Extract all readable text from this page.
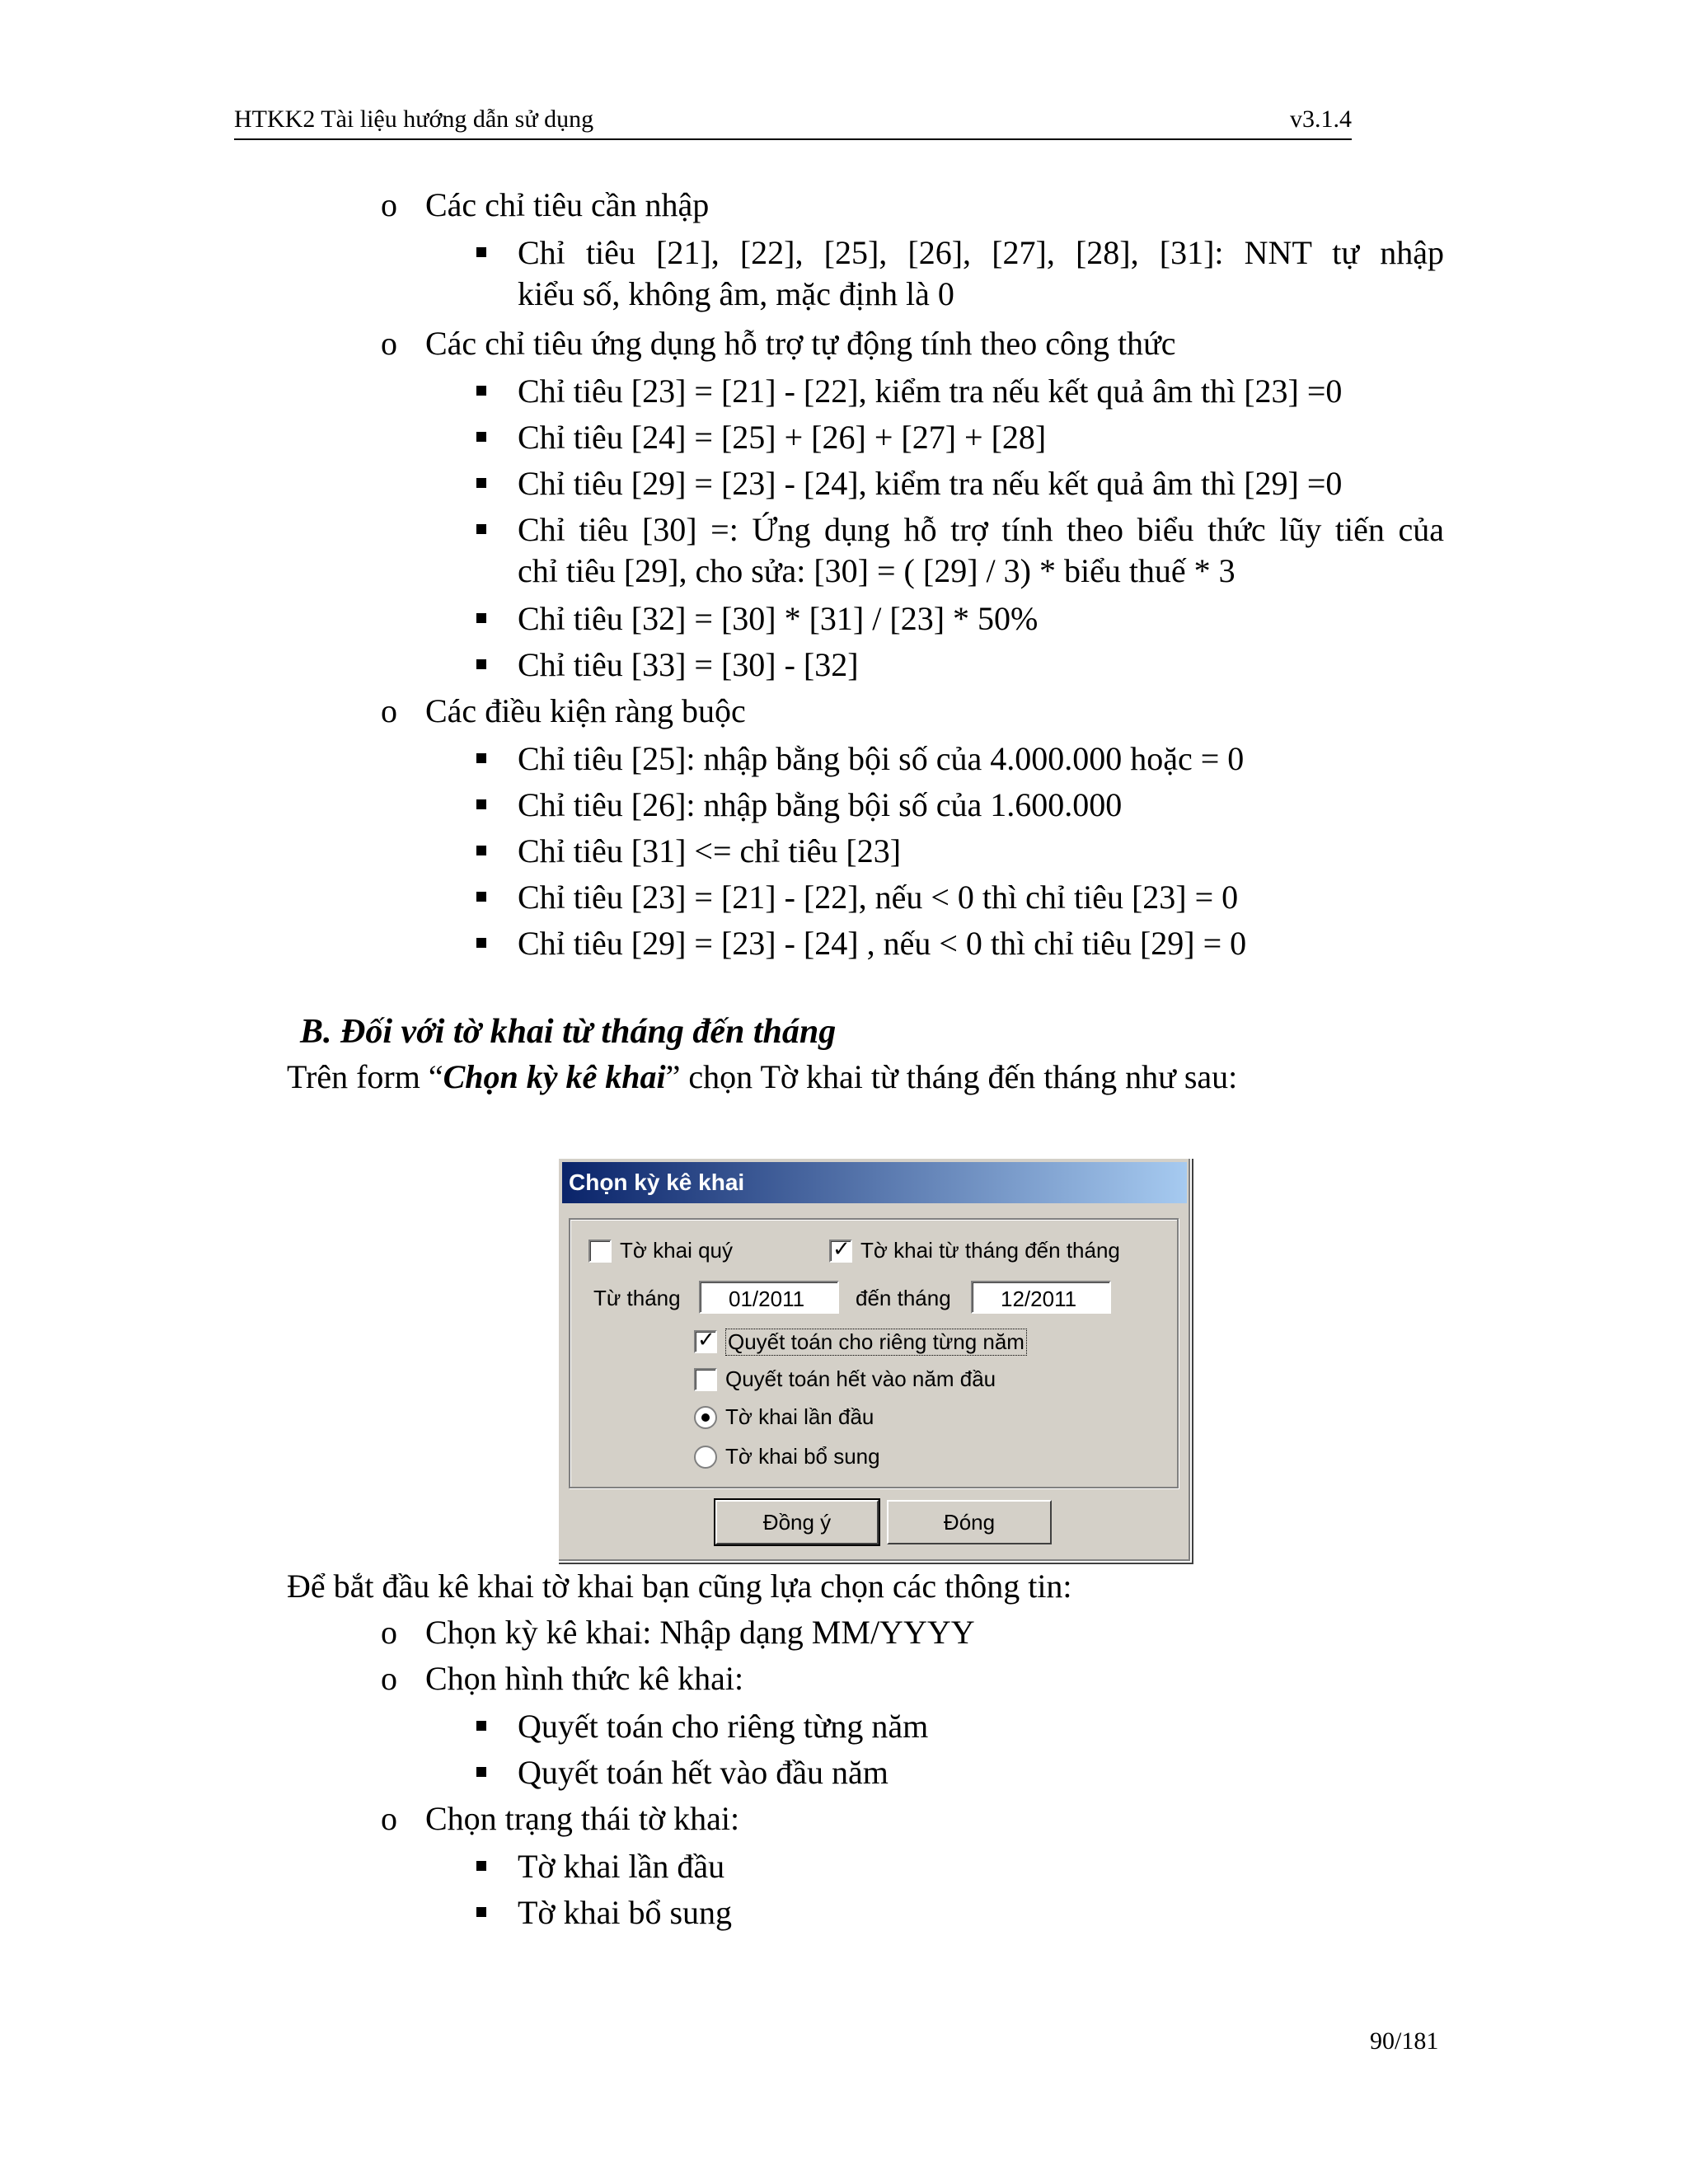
HTKK2 Tài liệu hướng dẫn sử dụng	v3.1.4
o Các chỉ tiêu cần nhập
Chỉ tiêu [21], [22], [25], [26], [27], [28], [31]: NNT tự nhập
kiểu số, không âm, mặc định là 0
o Các chỉ tiêu ứng dụng hỗ trợ tự động tính theo công thức
Chỉ tiêu [23] = [21] - [22], kiểm tra nếu kết quả âm thì [23] =0
Chỉ tiêu [24] = [25] + [26] + [27] + [28]
Chỉ tiêu [29] = [23] - [24], kiểm tra nếu kết quả âm thì [29] =0
Chỉ tiêu [30] =: Ứng dụng hỗ trợ tính theo biểu thức lũy tiến của
chỉ tiêu [29], cho sửa: [30] = ( [29] / 3) * biểu thuế * 3
Chỉ tiêu [32] = [30] * [31] / [23] * 50%
Chỉ tiêu [33] = [30] - [32]
o Các điều kiện ràng buộc
Chỉ tiêu [25]: nhập bằng bội số của 4.000.000 hoặc = 0
Chỉ tiêu [26]: nhập bằng bội số của 1.600.000
Chỉ tiêu [31] <= chỉ tiêu [23]
Chỉ tiêu [23] = [21] - [22], nếu < 0 thì chỉ tiêu [23] = 0
Chỉ tiêu [29] = [23] - [24] , nếu < 0 thì chỉ tiêu [29] = 0
B. Đối với tờ khai từ tháng đến tháng
Trên form “Chọn kỳ kê khai” chọn Tờ khai từ tháng đến tháng như sau:
Chọn kỳ kê khai
Tờ khai quý	✓ Tờ khai từ tháng đến tháng
Từ tháng	01/2011	đến tháng	12/2011
✓ Quyết toán cho riêng từng năm
Quyết toán hết vào năm đầu
Tờ khai lần đầu
Tờ khai bổ sung
Đồng ý	Đóng
Để bắt đầu kê khai tờ khai bạn cũng lựa chọn các thông tin:
o Chọn kỳ kê khai: Nhập dạng MM/YYYY
o Chọn hình thức kê khai:
Quyết toán cho riêng từng năm
Quyết toán hết vào đầu năm
o Chọn trạng thái tờ khai:
Tờ khai lần đầu
Tờ khai bổ sung
90/181
